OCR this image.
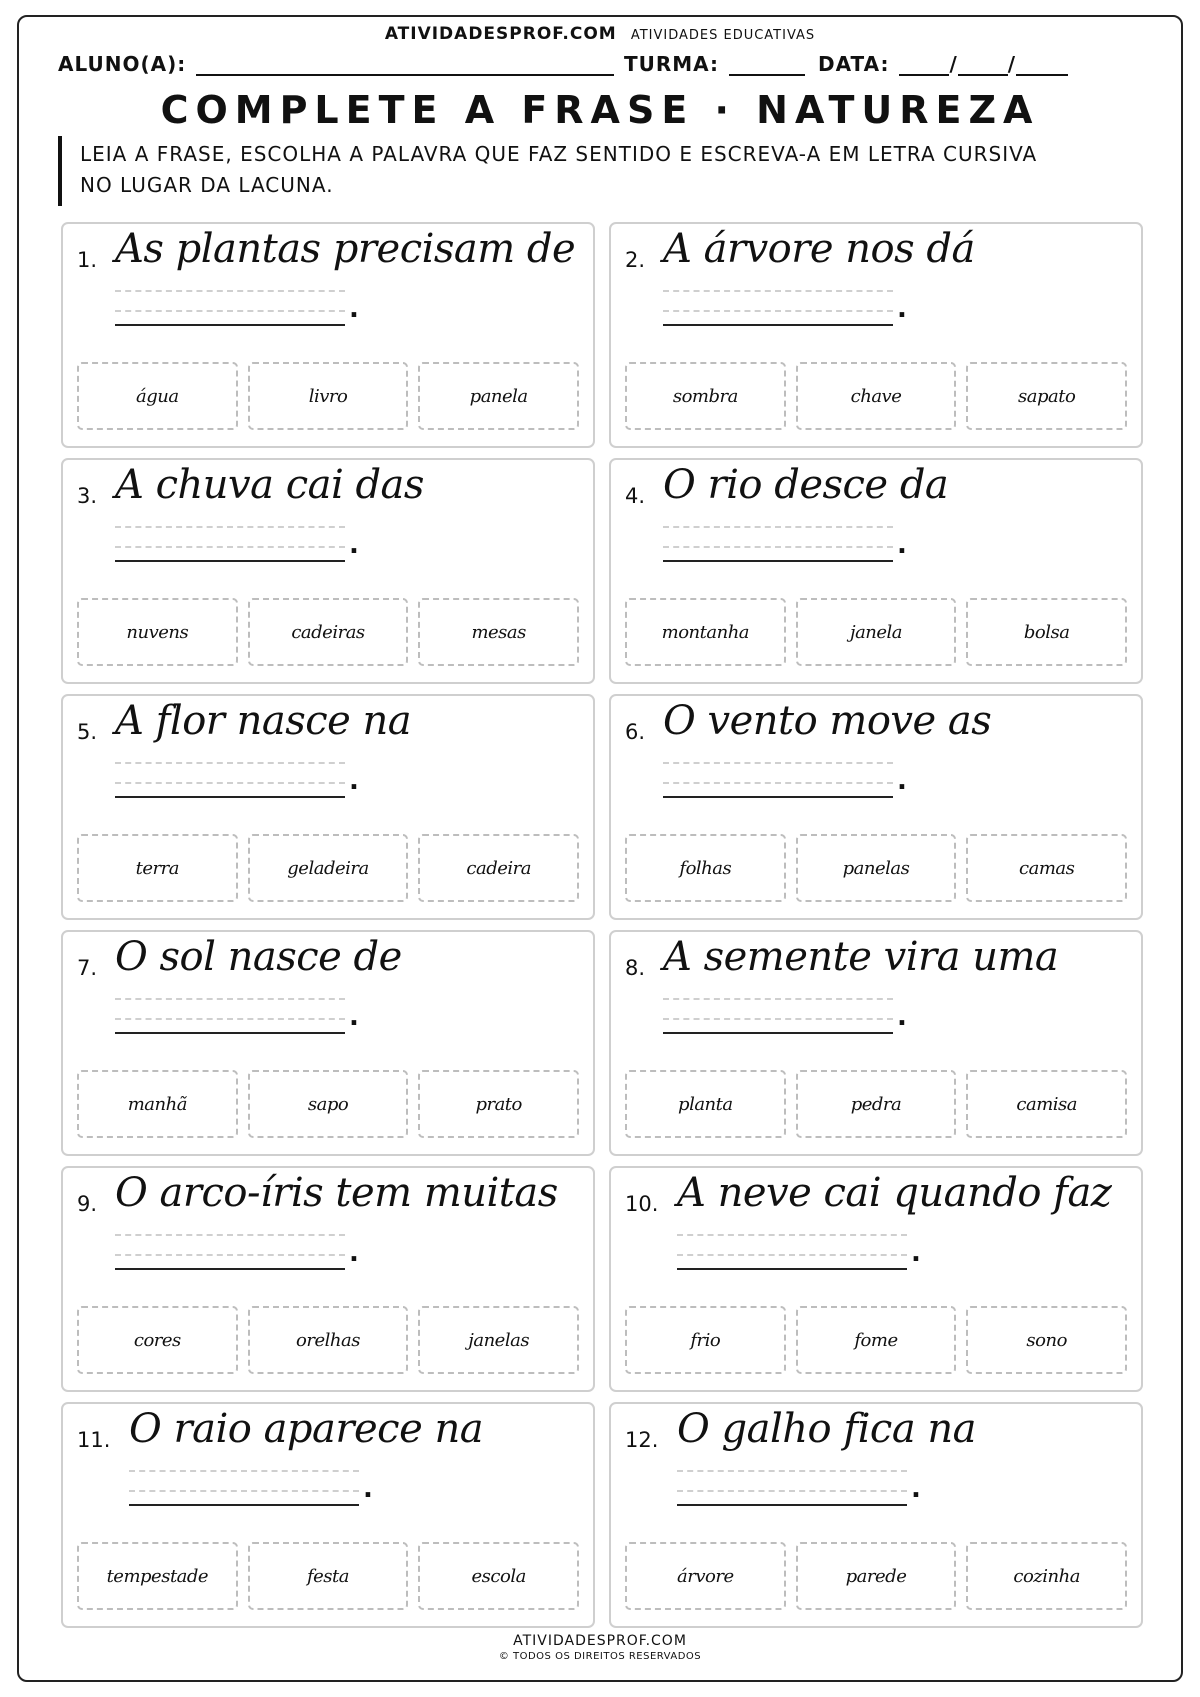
ATIVIDADESPROF.COM ATIVIDADES EDUCATIVAS
ALUNO(A):	TURMA:	DATA:	/	/
COMPLETE A FRASE · NATUREZA
LEIA A FRASE, ESCOLHA A PALAVRA QUE FAZ SENTIDO E ESCREVA-A EM LETRA CURSIVA NO LUGAR DA LACUNA.
1. As plantas precisam de
.
água	livro	panela
2. A árvore nos dá
.
sombra	chave	sapato
3. A chuva cai das
.
nuvens	cadeiras	mesas
4. O rio desce da
.
montanha	janela	bolsa
5. A flor nasce na
.
terra	geladeira	cadeira
6. O vento move as
.
folhas	panelas	camas
7. O sol nasce de
.
manhã	sapo	prato
8. A semente vira uma
.
planta	pedra	camisa
9. O arco-íris tem muitas
.
cores	orelhas	janelas
10. A neve cai quando faz
.
frio	fome	sono
11. O raio aparece na
.
tempestade	festa	escola
12. O galho fica na
.
árvore	parede	cozinha
ATIVIDADESPROF.COM
© TODOS OS DIREITOS RESERVADOS
